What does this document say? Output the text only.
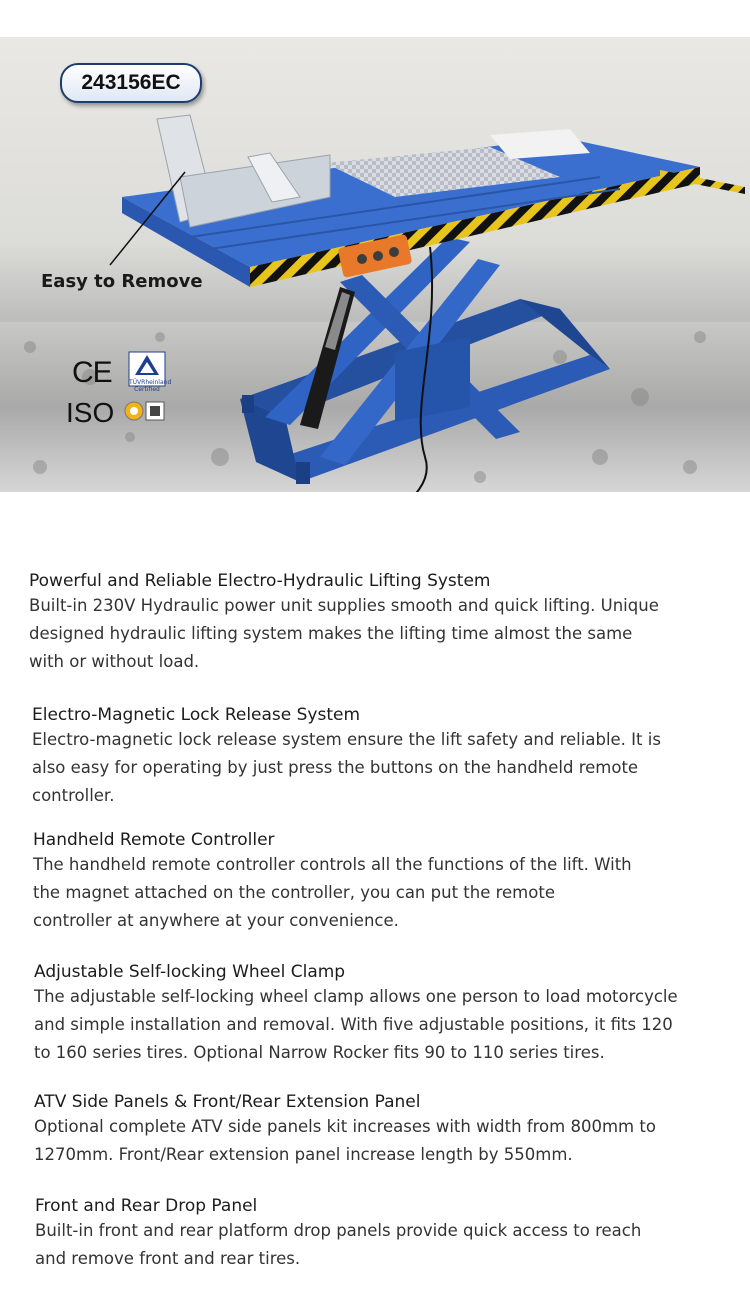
243156EC
Easy to Remove
CE	TÜVRheinland Certified
ISO
Powerful and Reliable Electro-Hydraulic Lifting System

Built-in 230V Hydraulic power unit supplies smooth and quick lifting. Unique

designed hydraulic lifting system makes the lifting time almost the same

with or without load.

Electro-Magnetic Lock Release System

Electro-magnetic lock release system ensure the lift safety and reliable. It is

also easy for operating by just press the buttons on the handheld remote

controller.

Handheld Remote Controller

The handheld remote controller controls all the functions of the lift. With

the magnet attached on the controller, you can put the remote

controller at anywhere at your convenience.

Adjustable Self-locking Wheel Clamp

The adjustable self-locking wheel clamp allows one person to load motorcycle

and simple installation and removal. With five adjustable positions, it fits 120

to 160 series tires. Optional Narrow Rocker fits 90 to 110 series tires.

ATV Side Panels & Front/Rear Extension Panel

Optional complete ATV side panels kit increases with width from 800mm to

1270mm. Front/Rear extension panel increase length by 550mm.

Front and Rear Drop Panel

Built-in front and rear platform drop panels provide quick access to reach

and remove front and rear tires.
